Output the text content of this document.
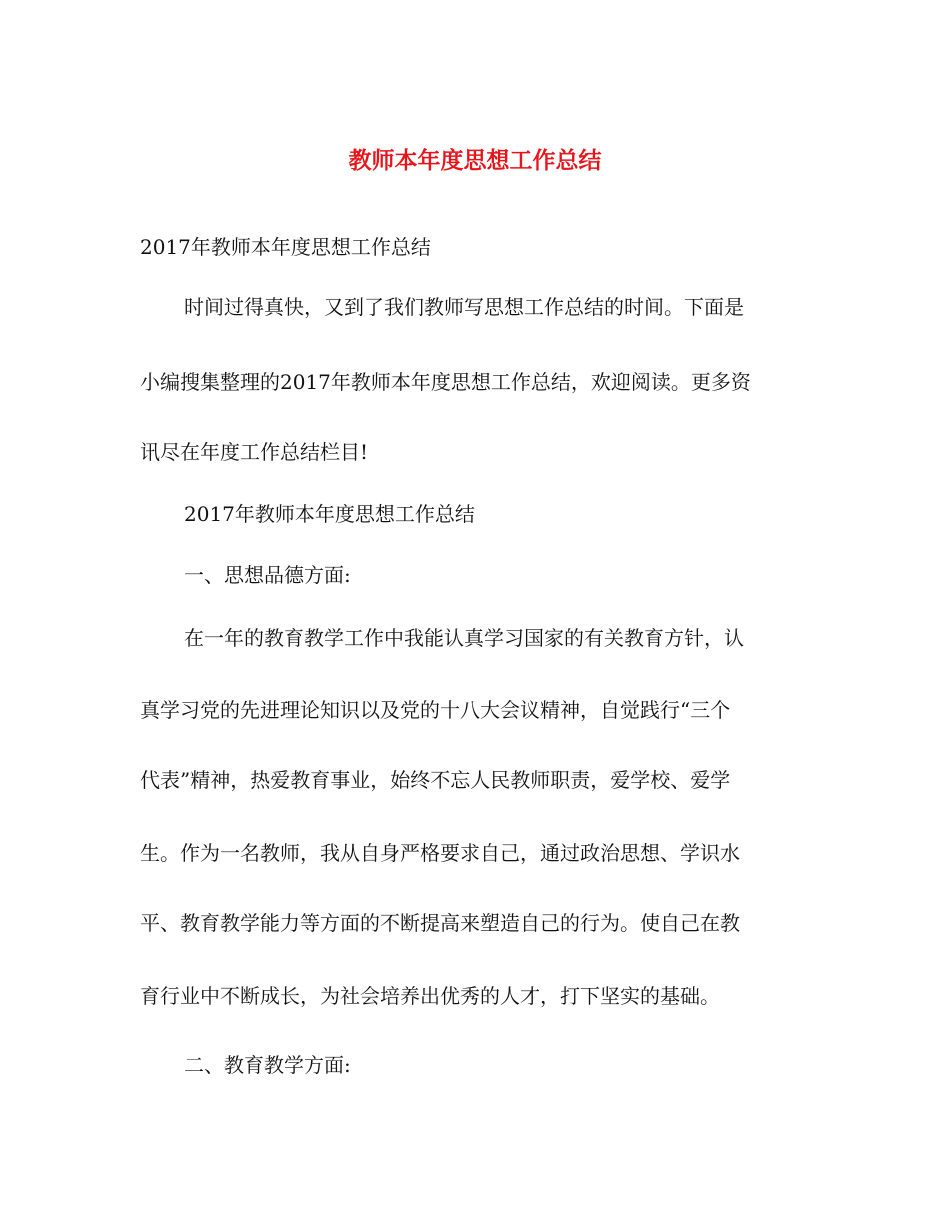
教师本年度思想工作总结

2017年教师本年度思想工作总结

时间过得真快，又到了我们教师写思想工作总结的时间。下面是

小编搜集整理的2017年教师本年度思想工作总结，欢迎阅读。更多资

讯尽在年度工作总结栏目!

2017年教师本年度思想工作总结

一、思想品德方面:

在一年的教育教学工作中我能认真学习国家的有关教育方针，认

真学习党的先进理论知识以及党的十八大会议精神，自觉践行“三个

代表”精神，热爱教育事业，始终不忘人民教师职责，爱学校、爱学

生。作为一名教师，我从自身严格要求自己，通过政治思想、学识水

平、教育教学能力等方面的不断提高来塑造自己的行为。使自己在教

育行业中不断成长，为社会培养出优秀的人才，打下坚实的基础。

二、教育教学方面:
